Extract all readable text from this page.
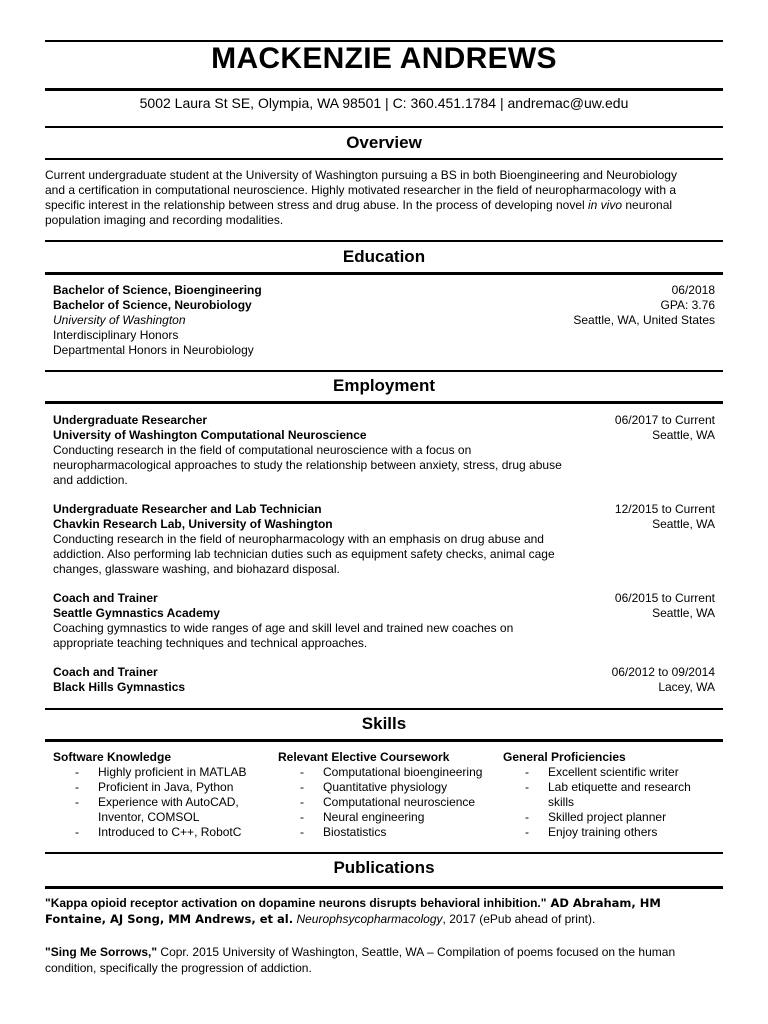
MACKENZIE ANDREWS
5002 Laura St SE, Olympia, WA 98501 | C: 360.451.1784 | andremac@uw.edu
Overview
Current undergraduate student at the University of Washington pursuing a BS in both Bioengineering and Neurobiology
and a certification in computational neuroscience. Highly motivated researcher in the field of neuropharmacology with a
specific interest in the relationship between stress and drug abuse. In the process of developing novel in vivo neuronal
population imaging and recording modalities.
Education
Bachelor of Science, Bioengineering
Bachelor of Science, Neurobiology
University of Washington
Interdisciplinary Honors
Departmental Honors in Neurobiology
06/2018
GPA: 3.76
Seattle, WA, United States
Employment
Undergraduate Researcher
University of Washington Computational Neuroscience
Conducting research in the field of computational neuroscience with a focus on
neuropharmacological approaches to study the relationship between anxiety, stress, drug abuse
and addiction.
06/2017 to Current
Seattle, WA
Undergraduate Researcher and Lab Technician
Chavkin Research Lab, University of Washington
Conducting research in the field of neuropharmacology with an emphasis on drug abuse and
addiction. Also performing lab technician duties such as equipment safety checks, animal cage
changes, glassware washing, and biohazard disposal.
12/2015 to Current
Seattle, WA
Coach and Trainer
Seattle Gymnastics Academy
Coaching gymnastics to wide ranges of age and skill level and trained new coaches on
appropriate teaching techniques and technical approaches.
06/2015 to Current
Seattle, WA
Coach and Trainer
Black Hills Gymnastics
06/2012 to 09/2014
Lacey, WA
Skills
Software Knowledge
- Highly proficient in MATLAB
- Proficient in Java, Python
- Experience with AutoCAD, Inventor, COMSOL
- Introduced to C++, RobotC
Relevant Elective Coursework
- Computational bioengineering
- Quantitative physiology
- Computational neuroscience
- Neural engineering
- Biostatistics
General Proficiencies
- Excellent scientific writer
- Lab etiquette and research skills
- Skilled project planner
- Enjoy training others
Publications
"Kappa opioid receptor activation on dopamine neurons disrupts behavioral inhibition." AD Abraham, HM Fontaine, AJ Song, MM Andrews, et al. Neurophsycopharmacology, 2017 (ePub ahead of print).
"Sing Me Sorrows," Copr. 2015 University of Washington, Seattle, WA – Compilation of poems focused on the human condition, specifically the progression of addiction.
